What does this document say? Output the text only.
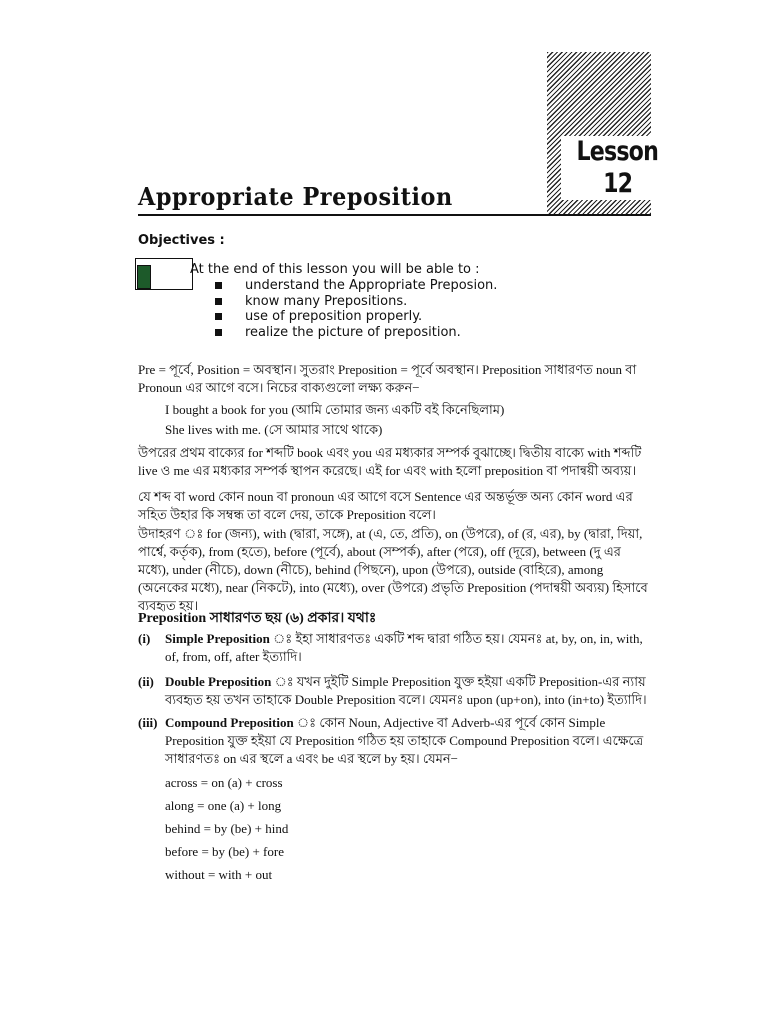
Lesson
12
Appropriate Preposition
Objectives :
At the end of this lesson you will be able to :
understand the Appropriate Preposion.
know many Prepositions.
use of preposition properly.
realize the picture of preposition.
Pre = পূর্বে, Position = অবস্থান। সুতরাং Preposition = পূর্বে অবস্থান। Preposition সাধারণত noun বা Pronoun এর আগে বসে। নিচের বাক্যগুলো লক্ষ্য করুন−
I bought a book for you (আমি তোমার জন্য একটি বই কিনেছিলাম)
She lives with me. (সে আমার সাথে থাকে)
উপরের প্রথম বাক্যের for শব্দটি book এবং you এর মধ্যকার সম্পর্ক বুঝাচ্ছে। দ্বিতীয় বাক্যে with শব্দটি live ও me এর মধ্যকার সম্পর্ক স্থাপন করেছে। এই for এবং with হলো preposition বা পদান্বয়ী অব্যয়।
যে শব্দ বা word কোন noun বা pronoun এর আগে বসে Sentence এর অন্তর্ভূক্ত অন্য কোন word এর সহিত উহার কি সম্বন্ধ তা বলে দেয়, তাকে Preposition বলে।
উদাহরণ ঃ for (জন্য), with (দ্বারা, সঙ্গে), at (এ, তে, প্রতি), on (উপরে), of (র, এর), by (দ্বারা, দিয়া, পার্শ্বে, কর্তৃক), from (হতে), before (পূর্বে), about (সম্পর্ক), after (পরে), off (দূরে), between (দু এর মধ্যে), under (নীচে), down (নীচে), behind (পিছনে), upon (উপরে), outside (বাহিরে), among (অনেকের মধ্যে), near (নিকটে), into (মধ্যে), over (উপরে) প্রভৃতি Preposition (পদান্বয়ী অব্যয়) হিসাবে ব্যবহৃত হয়।
Preposition সাধারণত ছয় (৬) প্রকার। যথাঃ
(i) Simple Preposition ঃ ইহা সাধারণতঃ একটি শব্দ দ্বারা গঠিত হয়। যেমনঃ at, by, on, in, with, of, from, off, after ইত্যাদি।
(ii) Double Preposition ঃ যখন দুইটি Simple Preposition যুক্ত হইয়া একটি Preposition-এর ন্যায় ব্যবহৃত হয় তখন তাহাকে Double Preposition বলে। যেমনঃ upon (up+on), into (in+to) ইত্যাদি।
(iii) Compound Preposition ঃ কোন Noun, Adjective বা Adverb-এর পূর্বে কোন Simple Preposition যুক্ত হইয়া যে Preposition গঠিত হয় তাহাকে Compound Preposition বলে। এক্ষেত্রে সাধারণতঃ on এর স্থলে a এবং be এর স্থলে by হয়। যেমন−
across = on (a) + cross
along = one (a) + long
behind = by (be) + hind
before = by (be) + fore
without = with + out
